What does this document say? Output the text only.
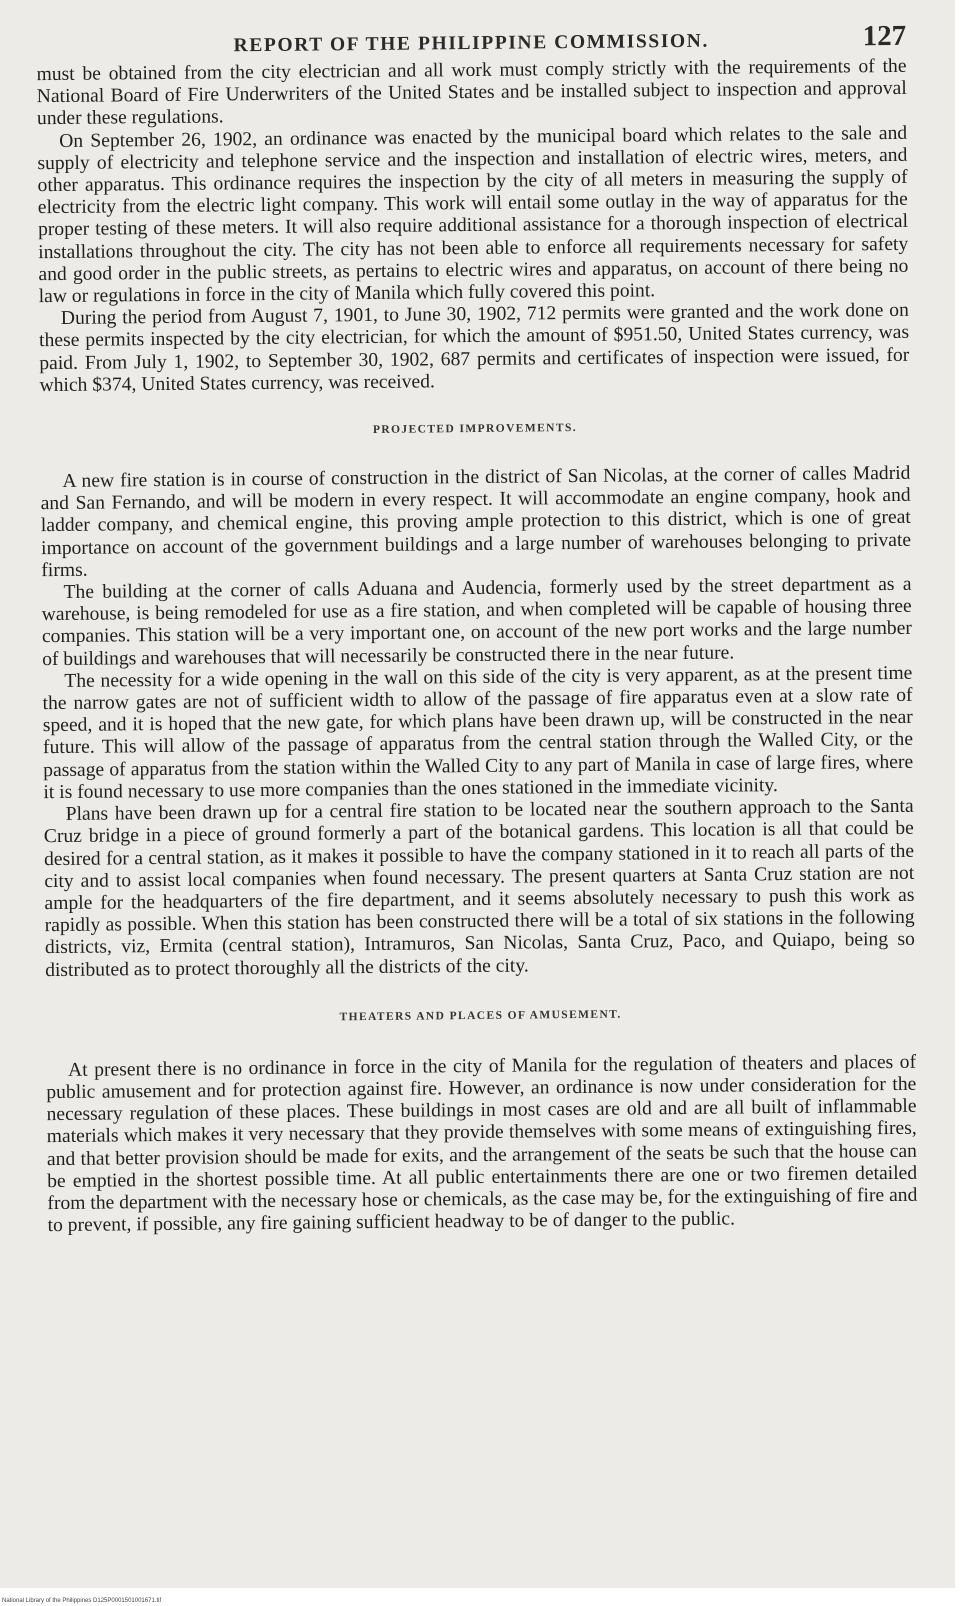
REPORT OF THE PHILIPPINE COMMISSION.	127

must be obtained from the city electrician and all work must comply strictly with the requirements of the National Board of Fire Underwriters of the United States and be installed subject to inspection and approval under these regulations.

On September 26, 1902, an ordinance was enacted by the municipal board which relates to the sale and supply of electricity and telephone service and the inspection and installation of electric wires, meters, and other apparatus. This ordinance requires the inspection by the city of all meters in measuring the supply of electricity from the electric light company. This work will entail some outlay in the way of apparatus for the proper testing of these meters. It will also require additional assistance for a thorough inspection of electrical installations throughout the city. The city has not been able to enforce all requirements necessary for safety and good order in the public streets, as pertains to electric wires and apparatus, on account of there being no law or regulations in force in the city of Manila which fully covered this point.

During the period from August 7, 1901, to June 30, 1902, 712 permits were granted and the work done on these permits inspected by the city electrician, for which the amount of $951.50, United States currency, was paid. From July 1, 1902, to September 30, 1902, 687 permits and certificates of inspection were issued, for which $374, United States currency, was received.

PROJECTED IMPROVEMENTS.

A new fire station is in course of construction in the district of San Nicolas, at the corner of calles Madrid and San Fernando, and will be modern in every respect. It will accommodate an engine company, hook and ladder company, and chemical engine, this proving ample protection to this district, which is one of great importance on account of the government buildings and a large number of warehouses belonging to private firms.

The building at the corner of calls Aduana and Audencia, formerly used by the street department as a warehouse, is being remodeled for use as a fire station, and when completed will be capable of housing three companies. This station will be a very important one, on account of the new port works and the large number of buildings and warehouses that will necessarily be constructed there in the near future.

The necessity for a wide opening in the wall on this side of the city is very apparent, as at the present time the narrow gates are not of sufficient width to allow of the passage of fire apparatus even at a slow rate of speed, and it is hoped that the new gate, for which plans have been drawn up, will be constructed in the near future. This will allow of the passage of apparatus from the central station through the Walled City, or the passage of apparatus from the station within the Walled City to any part of Manila in case of large fires, where it is found necessary to use more companies than the ones stationed in the immediate vicinity.

Plans have been drawn up for a central fire station to be located near the southern approach to the Santa Cruz bridge in a piece of ground formerly a part of the botanical gardens. This location is all that could be desired for a central station, as it makes it possible to have the company stationed in it to reach all parts of the city and to assist local companies when found necessary. The present quarters at Santa Cruz station are not ample for the headquarters of the fire department, and it seems absolutely necessary to push this work as rapidly as possible. When this station has been constructed there will be a total of six stations in the following districts, viz, Ermita (central station), Intramuros, San Nicolas, Santa Cruz, Paco, and Quiapo, being so distributed as to protect thoroughly all the districts of the city.

THEATERS AND PLACES OF AMUSEMENT.

At present there is no ordinance in force in the city of Manila for the regulation of theaters and places of public amusement and for protection against fire. However, an ordinance is now under consideration for the necessary regulation of these places. These buildings in most cases are old and are all built of inflammable materials which makes it very necessary that they provide themselves with some means of extinguishing fires, and that better provision should be made for exits, and the arrangement of the seats be such that the house can be emptied in the shortest possible time. At all public entertainments there are one or two firemen detailed from the department with the necessary hose or chemicals, as the case may be, for the extinguishing of fire and to prevent, if possible, any fire gaining sufficient headway to be of danger to the public.

National Library of the Philippines D125P0001501001671.tif
